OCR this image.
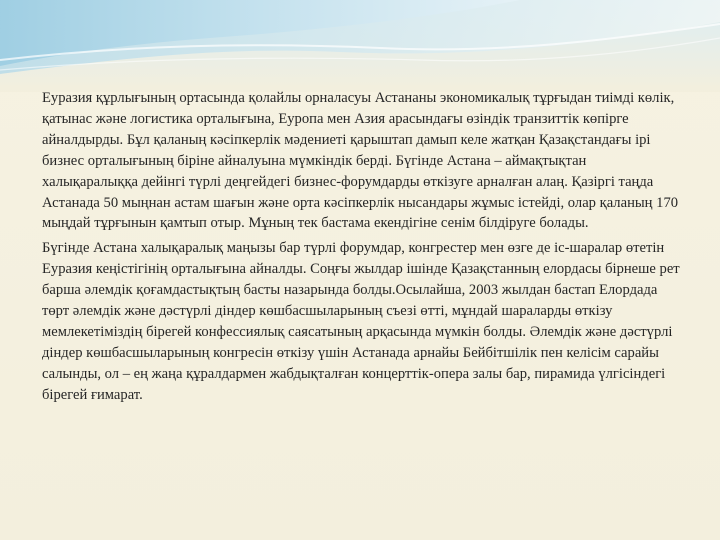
Еуразия құрлығының ортасында қолайлы орналасуы Астананы экономикалық тұрғыдан тиімді көлік, қатынас және логистика орталығына, Еуропа мен Азия арасындағы өзіндік транзиттік көпірге айналдырды. Бұл қаланың кәсіпкерлік мәдениеті қарыштап дамып келе жатқан Қазақстандағы ірі бизнес орталығының біріне айналуына мүмкіндік берді. Бүгінде Астана – аймақтықтан халықаралыққа дейінгі түрлі деңгейдегі бизнес-форумдарды өткізуге арналған алаң. Қазіргі таңда Астанада 50 мыңнан астам шағын және орта кәсіпкерлік нысандары жұмыс істейді, олар қаланың 170 мыңдай тұрғынын қамтып отыр. Мұның тек бастама екендігіне сенім білдіруге болады.

Бүгінде Астана халықаралық маңызы бар түрлі форумдар, конгрестер мен өзге де іс-шаралар өтетін Еуразия кеңістігінің орталығына айналды. Соңғы жылдар ішінде Қазақстанның елордасы бірнеше рет барша әлемдік қоғамдастықтың басты назарында болды.Осылайша, 2003 жылдан бастап Елордада төрт әлемдік және дәстүрлі діндер көшбасшыларының съезі өтті, мұндай шараларды өткізу мемлекетіміздің бірегей конфессиялық саясатының арқасында мүмкін болды. Әлемдік және дәстүрлі діндер көшбасшыларының конгресін өткізу үшін Астанада арнайы Бейбітшілік пен келісім сарайы салынды, ол – ең жаңа құралдармен жабдықталған концерттік-опера залы бар, пирамида үлгісіндегі бірегей ғимарат.
